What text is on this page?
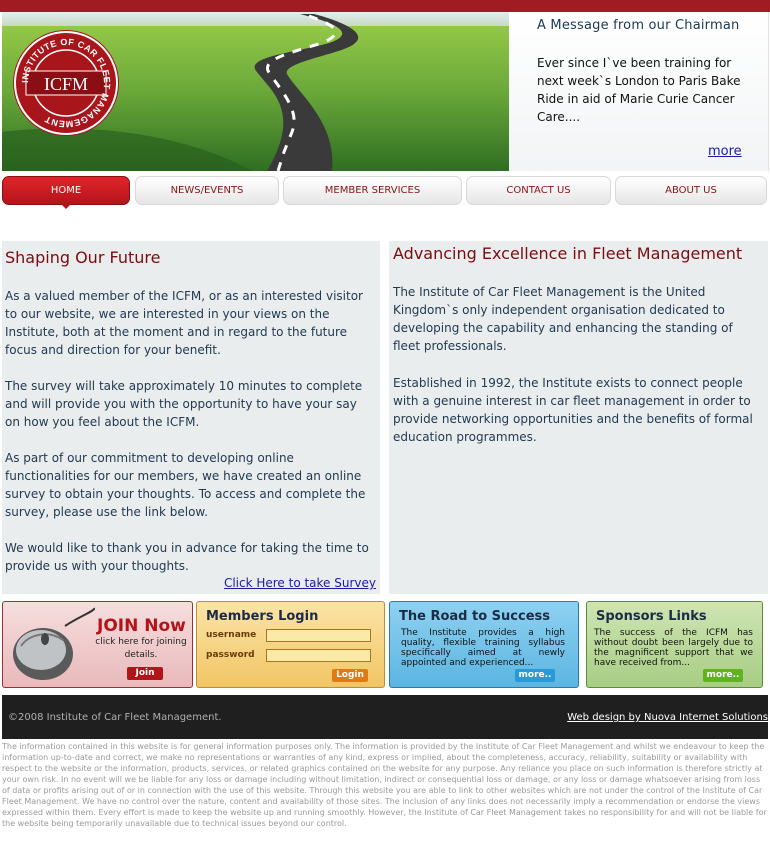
ICFM
INSTITUTE OF CAR FLEET MANAGEMENT
A Message from our Chairman

Ever since I`ve been training for next week`s London to Paris Bake Ride in aid of Marie Curie Cancer Care....

more
HOME	NEWS/EVENTS	MEMBER SERVICES	CONTACT US	ABOUT US
Shaping Our Future

As a valued member of the ICFM, or as an interested visitor to our website, we are interested in your views on the Institute, both at the moment and in regard to the future focus and direction for your benefit.

The survey will take approximately 10 minutes to complete and will provide you with the opportunity to have your say on how you feel about the ICFM.

As part of our commitment to developing online functionalities for our members, we have created an online survey to obtain your thoughts. To access and complete the survey, please use the link below.

We would like to thank you in advance for taking the time to provide us with your thoughts.

Click Here to take Survey
Advancing Excellence in Fleet Management

The Institute of Car Fleet Management is the United Kingdom`s only independent organisation dedicated to developing the capability and enhancing the standing of fleet professionals.

Established in 1992, the Institute exists to connect people with a genuine interest in car fleet management in order to provide networking opportunities and the benefits of formal education programmes.

JOIN Now
click here for joining details.
Join
Members Login
username
password
Login
The Road to Success
The Institute provides a high quality, flexible training syllabus specifically aimed at newly appointed and experienced...
more..
Sponsors Links
The success of the ICFM has without doubt been largely due to the magnificent support that we have received from...
more..
©2008 Institute of Car Fleet Management.	Web design by Nuova Internet Solutions
The information contained in this website is for general information purposes only. The information is provided by the Institute of Car Fleet Management and whilst we endeavour to keep the information up-to-date and correct, we make no representations or warranties of any kind, express or implied, about the completeness, accuracy, reliability, suitability or availability with respect to the website or the information, products, services, or related graphics contained on the website for any purpose. Any reliance you place on such information is therefore strictly at your own risk. In no event will we be liable for any loss or damage including without limitation, indirect or consequential loss or damage, or any loss or damage whatsoever arising from loss of data or profits arising out of or in connection with the use of this website. Through this website you are able to link to other websites which are not under the control of the Institute of Car Fleet Management. We have no control over the nature, content and availability of those sites. The inclusion of any links does not necessarily imply a recommendation or endorse the views expressed within them. Every effort is made to keep the website up and running smoothly. However, the Institute of Car Fleet Management takes no responsibility for and will not be liable for the website being temporarily unavailable due to technical issues beyond our control.
